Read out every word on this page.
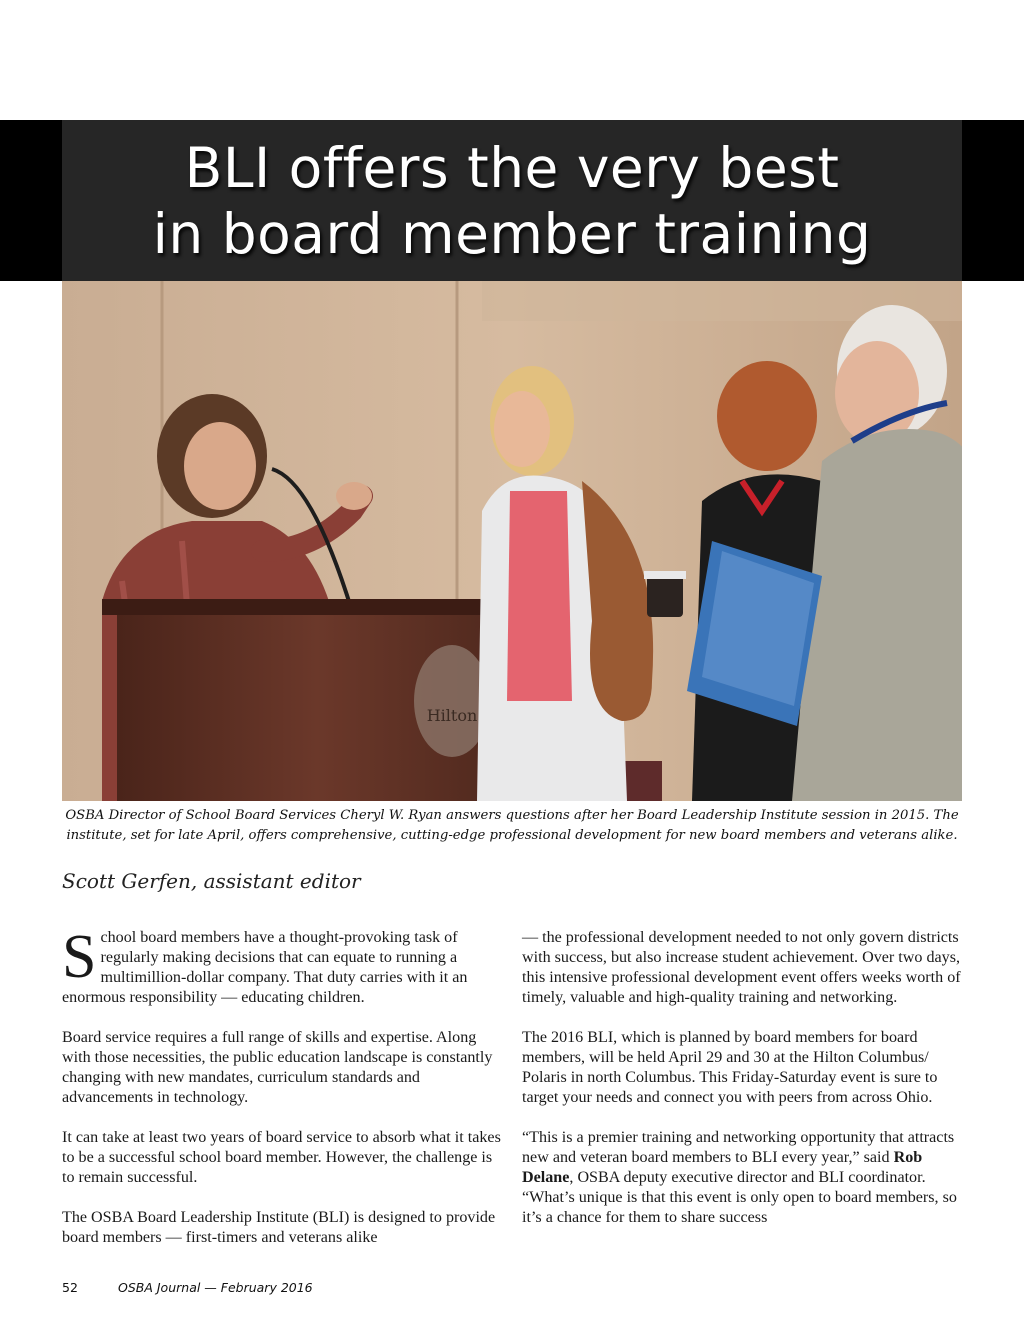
BLI offers the very best
in board member training
Hilton
OSBA Director of School Board Services Cheryl W. Ryan answers questions after her Board Leadership Institute session in 2015. The
institute, set for late April, offers comprehensive, cutting-edge professional development for new board members and veterans alike.
Scott Gerfen, assistant editor

School board members have a thought-provoking task of regularly making decisions that can equate to running a multimillion-dollar company. That duty carries with it an enormous responsibility — educating children.

Board service requires a full range of skills and expertise. Along with those necessities, the public education landscape is constantly changing with new mandates, curriculum standards and advancements in technology.

It can take at least two years of board service to absorb what it takes to be a successful school board member. However, the challenge is to remain successful.

The OSBA Board Leadership Institute (BLI) is designed to provide board members — first-timers and veterans alike

— the professional development needed to not only govern districts with success, but also increase student achievement. Over two days, this intensive professional development event offers weeks worth of timely, valuable and high-quality training and networking.

The 2016 BLI, which is planned by board members for board members, will be held April 29 and 30 at the Hilton Columbus/ Polaris in north Columbus. This Friday-Saturday event is sure to target your needs and connect you with peers from across Ohio.

“This is a premier training and networking opportunity that attracts new and veteran board members to BLI every year,” said Rob Delane, OSBA deputy executive director and BLI coordinator. “What’s unique is that this event is only open to board members, so it’s a chance for them to share success

52	OSBA Journal — February 2016
